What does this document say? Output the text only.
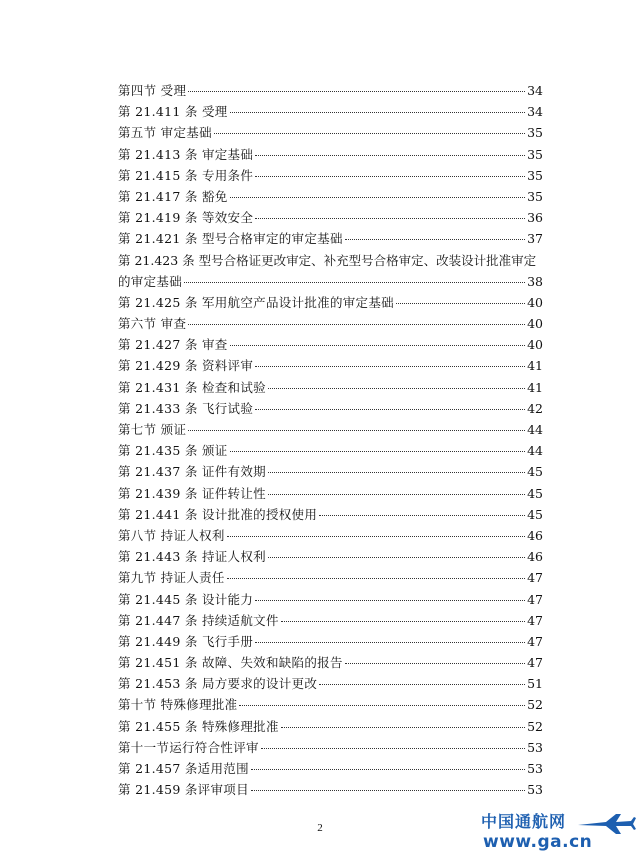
第四节 受理	34
第 21.411 条 受理	34
第五节 审定基础	35
第 21.413 条 审定基础	35
第 21.415 条 专用条件	35
第 21.417 条 豁免	35
第 21.419 条 等效安全	36
第 21.421 条 型号合格审定的审定基础	37
第 21.423 条 型号合格证更改审定、补充型号合格审定、改装设计批准审定
的审定基础	38
第 21.425 条 军用航空产品设计批准的审定基础	40
第六节 审查	40
第 21.427 条 审查	40
第 21.429 条 资料评审	41
第 21.431 条 检查和试验	41
第 21.433 条 飞行试验	42
第七节 颁证	44
第 21.435 条 颁证	44
第 21.437 条 证件有效期	45
第 21.439 条 证件转让性	45
第 21.441 条 设计批准的授权使用	45
第八节 持证人权利	46
第 21.443 条 持证人权利	46
第九节 持证人责任	47
第 21.445 条 设计能力	47
第 21.447 条 持续适航文件	47
第 21.449 条 飞行手册	47
第 21.451 条 故障、失效和缺陷的报告	47
第 21.453 条 局方要求的设计更改	51
第十节 特殊修理批准	52
第 21.455 条 特殊修理批准	52
第十一节运行符合性评审	53
第 21.457 条适用范围	53
第 21.459 条评审项目	53
2	中国通航网
www.ga.cn
